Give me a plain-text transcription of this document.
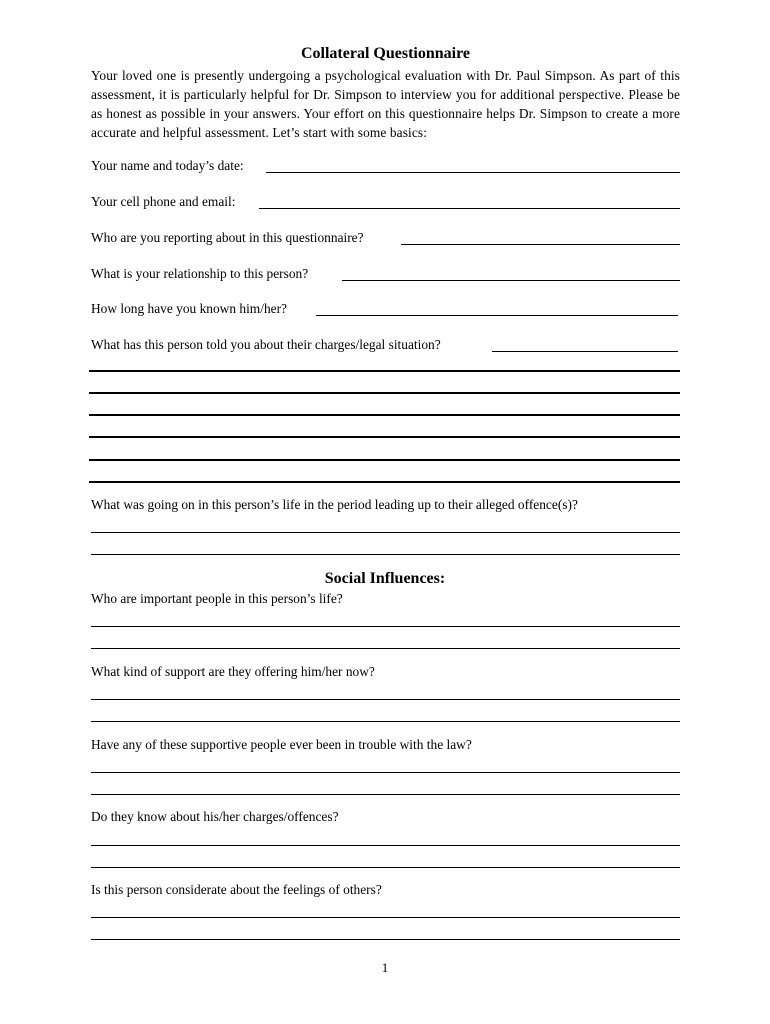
Collateral Questionnaire

Your loved one is presently undergoing a psychological evaluation with Dr. Paul Simpson. As part of this assessment, it is particularly helpful for Dr. Simpson to interview you for additional perspective. Please be as honest as possible in your answers. Your effort on this questionnaire helps Dr. Simpson to create a more accurate and helpful assessment. Let’s start with some basics:

Your name and today’s date:
Your cell phone and email:
Who are you reporting about in this questionnaire?
What is your relationship to this person?
How long have you known him/her?
What has this person told you about their charges/legal situation?
What was going on in this person’s life in the period leading up to their alleged offence(s)?
Social Influences:
Who are important people in this person’s life?
What kind of support are they offering him/her now?
Have any of these supportive people ever been in trouble with the law?
Do they know about his/her charges/offences?
Is this person considerate about the feelings of others?
1
